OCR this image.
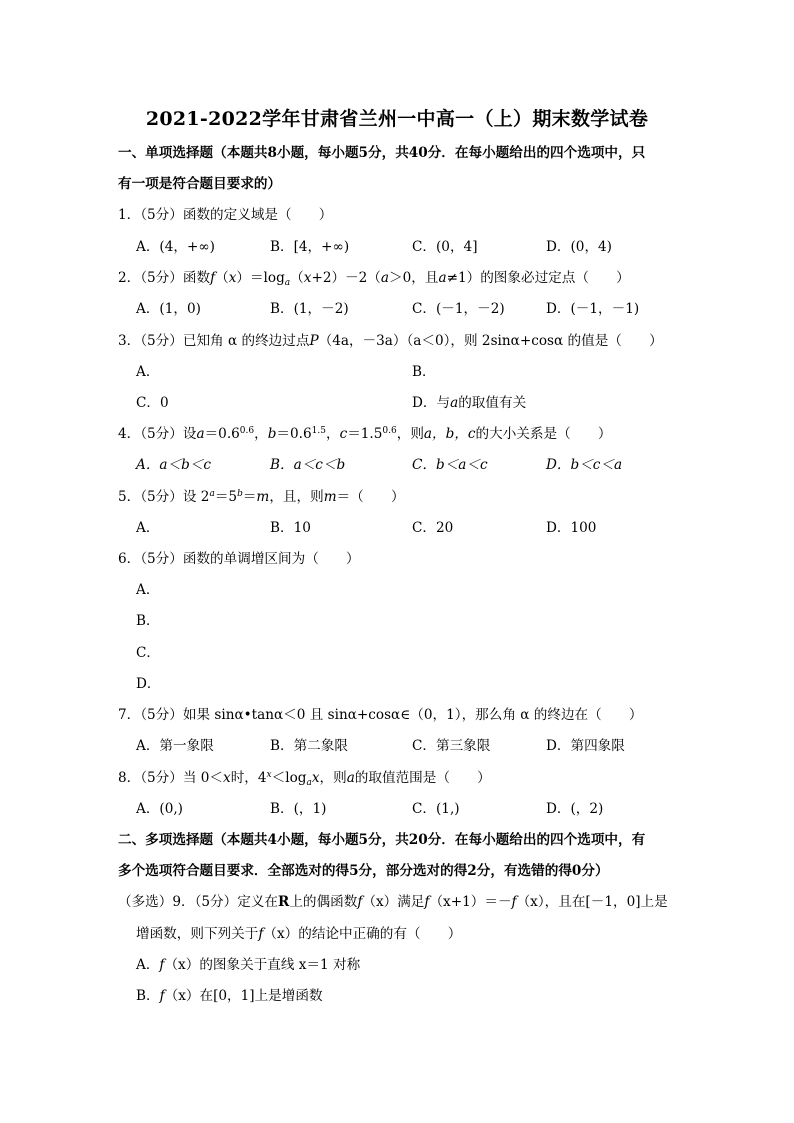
2021-2022学年甘肃省兰州一中高一（上）期末数学试卷
一、单项选择题（本题共8小题，每小题5分，共40分．在每小题给出的四个选项中，只
有一项是符合题目要求的）
1．（5分）函数的定义域是（　　）
A．(4，+∞)	B．[4，+∞)	C．(0，4]	D．(0，4)
2．（5分）函数$f(x)=\log_a(x+2)-2(a>0$，且a≠1）的图象必过定点（　　）
A．(1，0)	B．(1，－2)	C．(－1，－2)	D．(－1，－1)
3．（5分）已知角 α 的终边过点P（4a，－3a）（a＜0），则 2sinα+cosα 的值是（　　）
A．	B．
C．0	D．与a的取值有关
4．（5分）设$a=0.6^{0.6}$，$b=0.6^{1.5}$，$c=1.5^{0.6}$，则a，b，c的大小关系是（　　）
A．a＜b＜c	B．a＜c＜b	C．b＜a＜c	D．b＜c＜a
5．（5分）设 $2^a=5^b=m$，且，则m＝（　　）
A．	B．10	C．20	D．100
6．（5分）函数的单调增区间为（　　）
A．
B．
C．
D．
7．（5分）如果 sinα•tanα＜0 且 sinα+cosα∈（0，1），那么角 α 的终边在（　　）
A．第一象限	B．第二象限	C．第三象限	D．第四象限
8．（5分）当 0＜x时，$4^x<\log_ax$，则a的取值范围是（　　）
A．(0,)	B．(，1)	C．(1,)	D．(，2)
二、多项选择题（本题共4小题，每小题5分，共20分．在每小题给出的四个选项中，有
多个选项符合题目要求．全部选对的得5分，部分选对的得2分，有选错的得0分）
（多选）9．（5分）定义在R上的偶函数f（x）满足f（x+1）＝－f（x），且在[－1，0]上是
增函数，则下列关于f（x）的结论中正确的有（　　）
A．f（x）的图象关于直线 x＝1 对称
B．f（x）在[0，1]上是增函数
